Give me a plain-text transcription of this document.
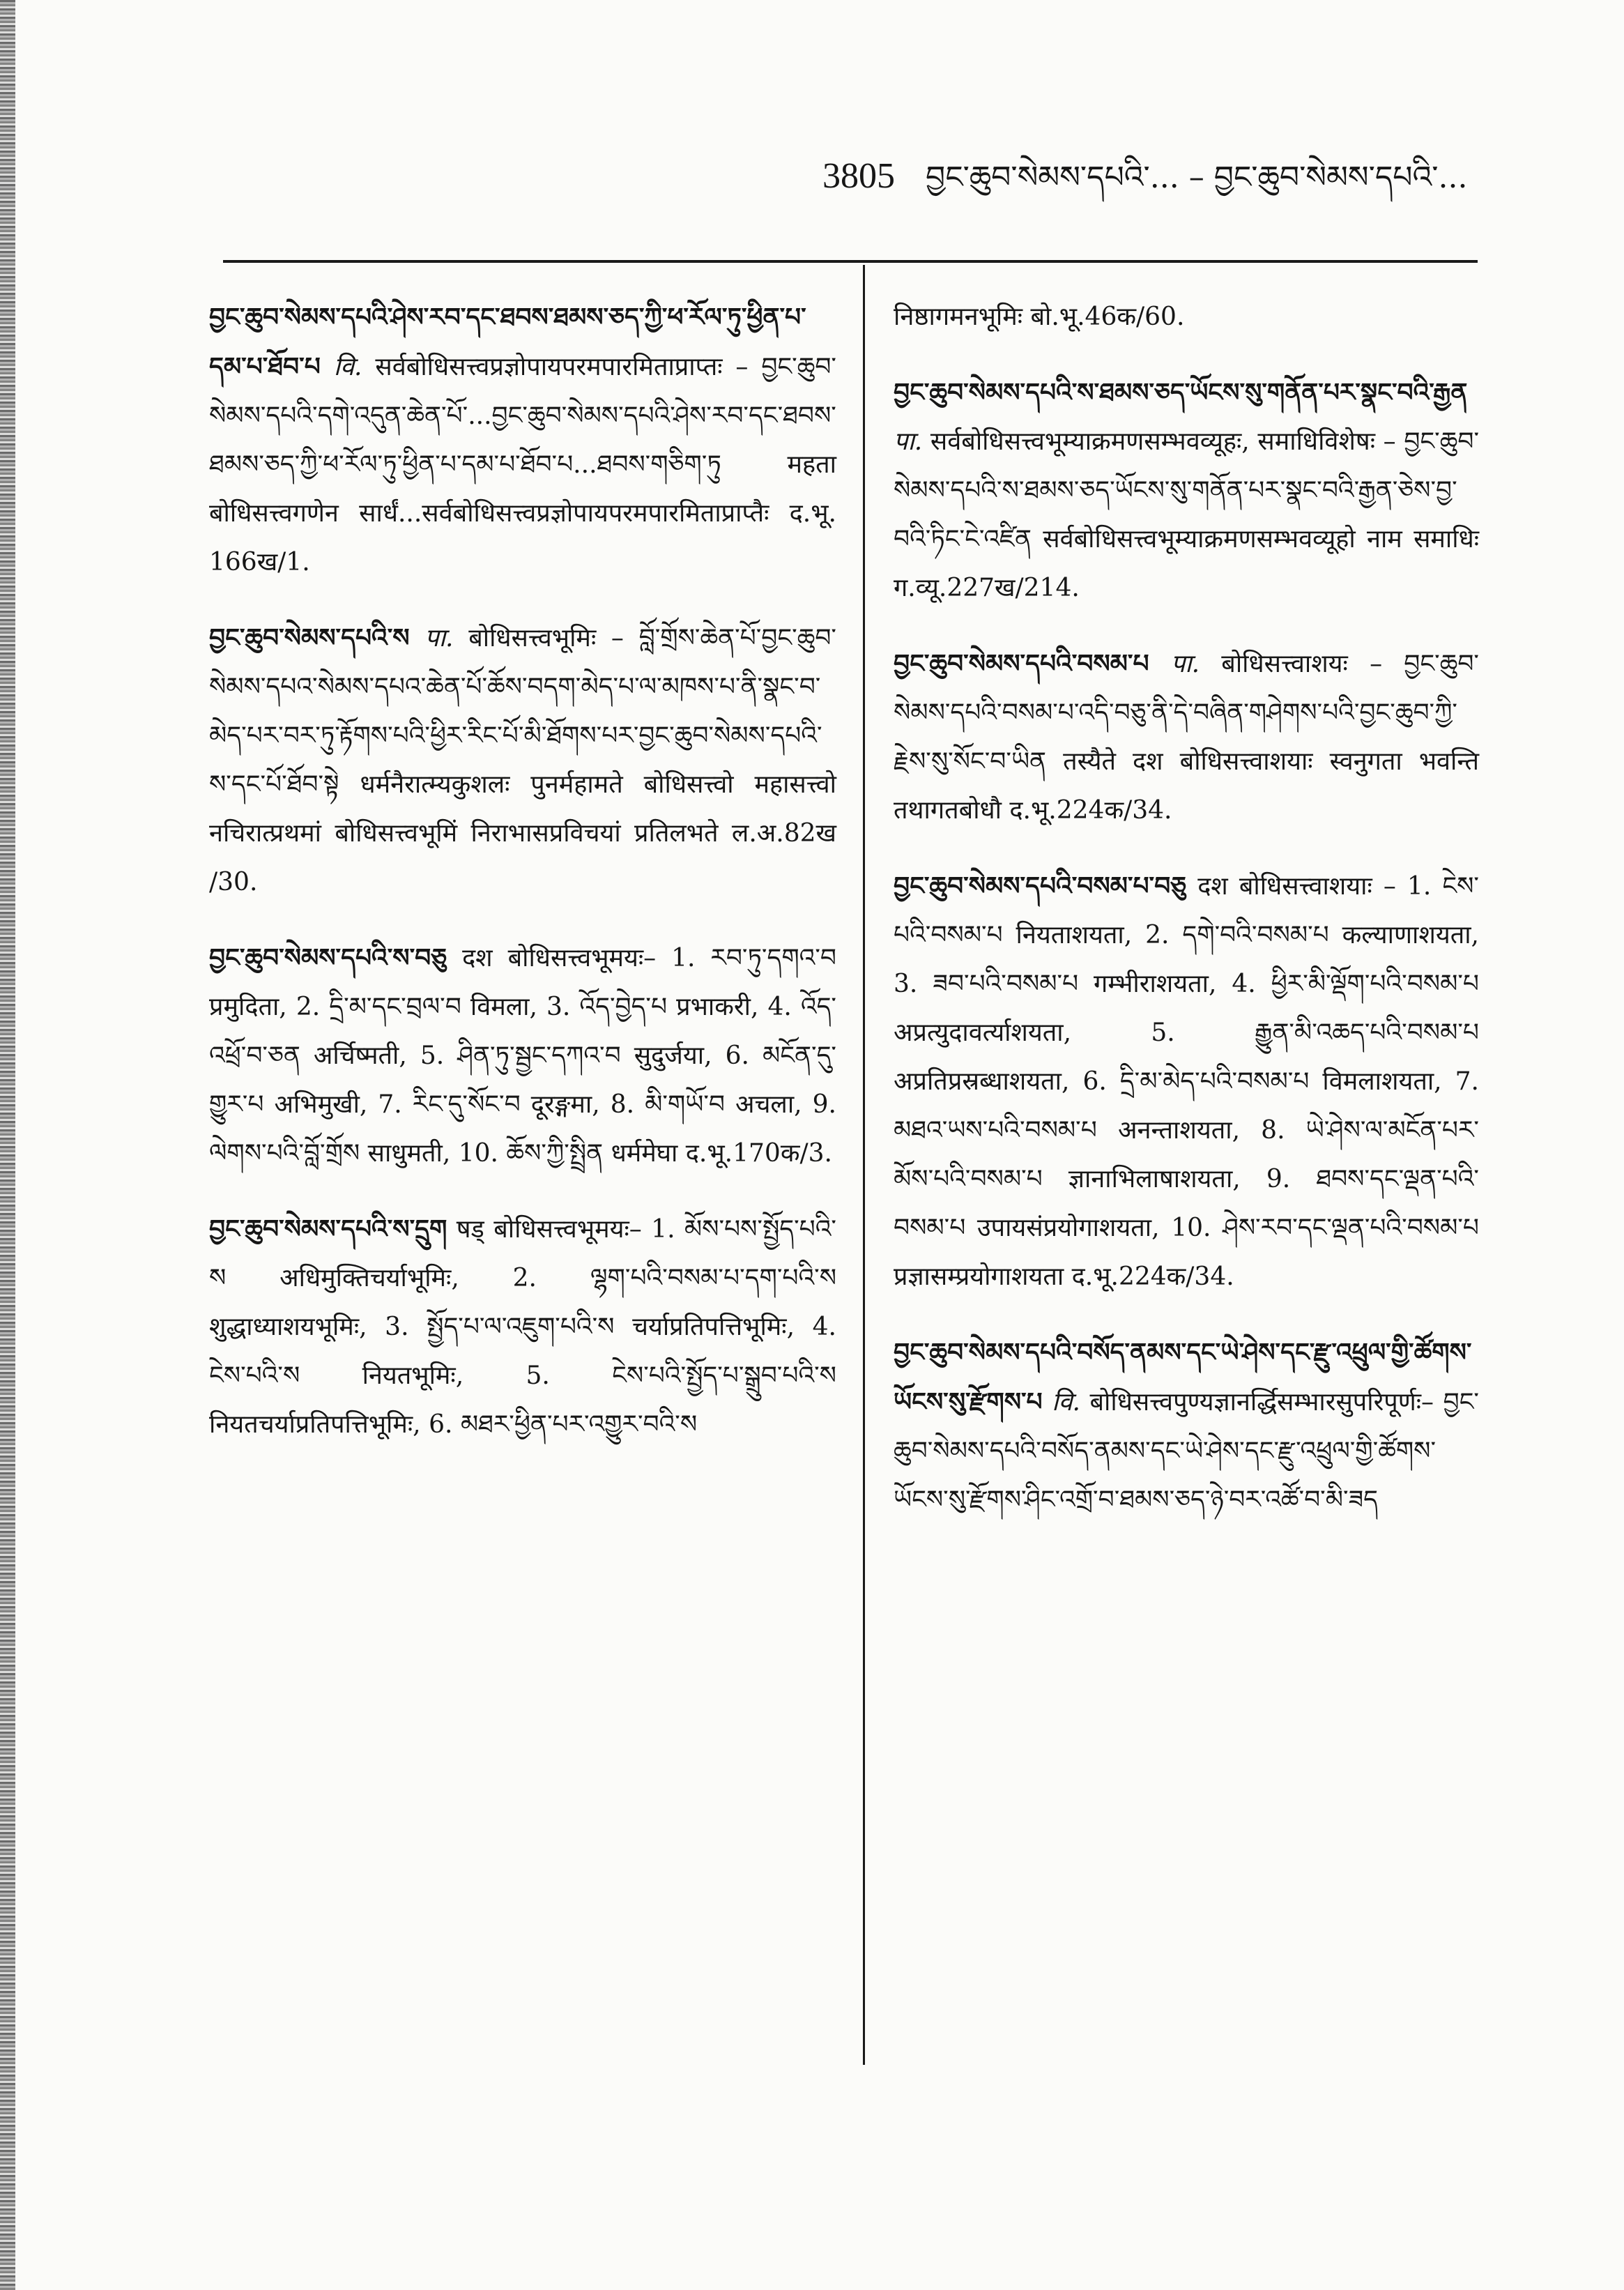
3805 བྱང་ཆུབ་སེམས་དཔའི་... – བྱང་ཆུབ་སེམས་དཔའི་...
བྱང་ཆུབ་སེམས་དཔའི་ཤེས་རབ་དང་ཐབས་ཐམས་ཅད་ཀྱི་ཕ་རོལ་ཏུ་ཕྱིན་པ་དམ་པ་ཐོབ་པ वि. सर्वबोधिसत्त्वप्रज्ञोपायपरमपारमिताप्राप्तः – བྱང་ཆུབ་སེམས་དཔའི་དགེ་འདུན་ཆེན་པོ་...བྱང་ཆུབ་སེམས་དཔའི་ཤེས་རབ་དང་ཐབས་ཐམས་ཅད་ཀྱི་ཕ་རོལ་ཏུ་ཕྱིན་པ་དམ་པ་ཐོབ་པ...ཐབས་གཅིག་ཏུ महता बोधिसत्त्वगणेन सार्धं...सर्वबोधिसत्त्वप्रज्ञोपायपरमपारमिताप्राप्तैः द.भू. 166ख/1.
བྱང་ཆུབ་སེམས་དཔའི་ས पा. बोधिसत्त्वभूमिः – བློ་གྲོས་ཆེན་པོ་བྱང་ཆུབ་སེམས་དཔའ་སེམས་དཔའ་ཆེན་པོ་ཆོས་བདག་མེད་པ་ལ་མཁས་པ་ནི་སྣང་བ་མེད་པར་བར་ཏུ་རྟོགས་པའི་ཕྱིར་རིང་པོ་མི་ཐོགས་པར་བྱང་ཆུབ་སེམས་དཔའི་ས་དང་པོ་ཐོབ་སྟེ धर्मनैरात्म्यकुशलः पुनर्महामते बोधिसत्त्वो महासत्त्वो नचिरात्प्रथमां बोधिसत्त्वभूमिं निराभासप्रविचयां प्रतिलभते ल.अ.82ख /30.
བྱང་ཆུབ་སེམས་དཔའི་ས་བཅུ दश बोधिसत्त्वभूमयः– 1. རབ་ཏུ་དགའ་བ प्रमुदिता, 2. དྲི་མ་དང་བྲལ་བ विमला, 3. འོད་བྱེད་པ प्रभाकरी, 4. འོད་འཕྲོ་བ་ཅན अर्चिष्मती, 5. ཤིན་ཏུ་སྦྱང་དཀའ་བ सुदुर्जया, 6. མངོན་དུ་གྱུར་པ अभिमुखी, 7. རིང་དུ་སོང་བ दूरङ्गमा, 8. མི་གཡོ་བ अचला, 9. ལེགས་པའི་བློ་གྲོས साधुमती, 10. ཆོས་ཀྱི་སྤྲིན धर्ममेघा द.भू.170क/3.
བྱང་ཆུབ་སེམས་དཔའི་ས་དྲུག षड् बोधिसत्त्वभूमयः– 1. མོས་པས་སྤྱོད་པའི་ས अधिमुक्तिचर्याभूमिः, 2. ལྷག་པའི་བསམ་པ་དག་པའི་ས शुद्धाध्याशयभूमिः, 3. སྤྱོད་པ་ལ་འཇུག་པའི་ས चर्याप्रतिपत्तिभूमिः, 4. ངེས་པའི་ས नियतभूमिः, 5. ངེས་པའི་སྤྱོད་པ་སྒྲུབ་པའི་ས नियतचर्याप्रतिपत्तिभूमिः, 6. མཐར་ཕྱིན་པར་འགྱུར་བའི་ས
निष्ठागमनभूमिः बो.भू.46क/60.
བྱང་ཆུབ་སེམས་དཔའི་ས་ཐམས་ཅད་ཡོངས་སུ་གནོན་པར་སྣང་བའི་རྒྱན पा. सर्वबोधिसत्त्वभूम्याक्रमणसम्भवव्यूहः, समाधिविशेषः – བྱང་ཆུབ་སེམས་དཔའི་ས་ཐམས་ཅད་ཡོངས་སུ་གནོན་པར་སྣང་བའི་རྒྱན་ཅེས་བྱ་བའི་ཏིང་ངེ་འཛིན सर्वबोधिसत्त्वभूम्याक्रमणसम्भवव्यूहो नाम समाधिः ग.व्यू.227ख/214.
བྱང་ཆུབ་སེམས་དཔའི་བསམ་པ पा. बोधिसत्त्वाशयः – བྱང་ཆུབ་སེམས་དཔའི་བསམ་པ་འདི་བཅུ་ནི་དེ་བཞིན་གཤེགས་པའི་བྱང་ཆུབ་ཀྱི་རྗེས་སུ་སོང་བ་ཡིན तस्यैते दश बोधिसत्त्वाशयाः स्वनुगता भवन्ति तथागतबोधौ द.भू.224क/34.
བྱང་ཆུབ་སེམས་དཔའི་བསམ་པ་བཅུ दश बोधिसत्त्वाशयाः – 1. ངེས་པའི་བསམ་པ नियताशयता, 2. དགེ་བའི་བསམ་པ कल्याणाशयता, 3. ཟབ་པའི་བསམ་པ गम्भीराशयता, 4. ཕྱིར་མི་ལྡོག་པའི་བསམ་པ अप्रत्युदावर्त्याशयता, 5. རྒྱུན་མི་འཆད་པའི་བསམ་པ अप्रतिप्रस्रब्धाशयता, 6. དྲི་མ་མེད་པའི་བསམ་པ विमलाशयता, 7. མཐའ་ཡས་པའི་བསམ་པ अनन्ताशयता, 8. ཡེ་ཤེས་ལ་མངོན་པར་མོས་པའི་བསམ་པ ज्ञानाभिलाषाशयता, 9. ཐབས་དང་ལྡན་པའི་བསམ་པ उपायसंप्रयोगाशयता, 10. ཤེས་རབ་དང་ལྡན་པའི་བསམ་པ प्रज्ञासम्प्रयोगाशयता द.भू.224क/34.
བྱང་ཆུབ་སེམས་དཔའི་བསོད་ནམས་དང་ཡེ་ཤེས་དང་རྫུ་འཕྲུལ་གྱི་ཚོགས་ཡོངས་སུ་རྫོགས་པ वि. बोधिसत्त्वपुण्यज्ञानर्द्धिसम्भारसुपरिपूर्णः– བྱང་ཆུབ་སེམས་དཔའི་བསོད་ནམས་དང་ཡེ་ཤེས་དང་རྫུ་འཕྲུལ་གྱི་ཚོགས་ཡོངས་སུ་རྫོགས་ཤིང་འགྲོ་བ་ཐམས་ཅད་ཉེ་བར་འཚོ་བ་མི་ཟད
